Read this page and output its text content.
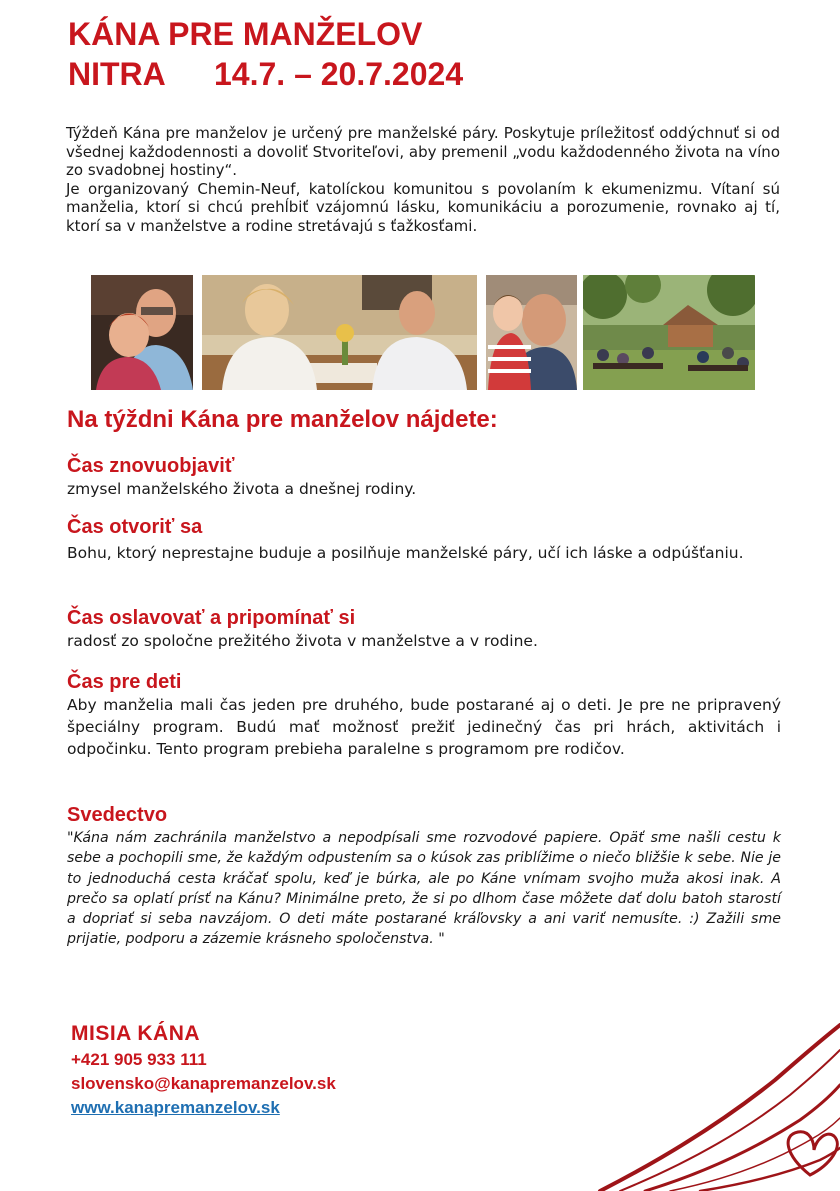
KÁNA PRE MANŽELOV
NITRA	14.7. – 20.7.2024

Týždeň Kána pre manželov je určený pre manželské páry. Poskytuje príležitosť oddýchnuť si od všednej každodennosti a dovoliť Stvoriteľovi, aby premenil „vodu každodenného života na víno zo svadobnej hostiny“.

Je organizovaný Chemin-Neuf, katolíckou komunitou s povolaním k ekumenizmu. Vítaní sú manželia, ktorí si chcú prehĺbiť vzájomnú lásku, komunikáciu a porozumenie, rovnako aj tí, ktorí sa v manželstve a rodine stretávajú s ťažkosťami.

Na týždni Kána pre manželov nájdete:
Čas znovuobjaviť
zmysel manželského života a dnešnej rodiny.
Čas otvoriť sa
Bohu, ktorý neprestajne buduje a posilňuje manželské páry, učí ich láske a odpúšťaniu.
Čas oslavovať a pripomínať si
radosť zo spoločne prežitého života v manželstve a v rodine.
Čas pre deti
Aby manželia mali čas jeden pre druhého, bude postarané aj o deti. Je pre ne pripravený špeciálny program. Budú mať možnosť prežiť jedinečný čas pri hrách, aktivitách i odpočinku. Tento program prebieha paralelne s programom pre rodičov.
Svedectvo
"Kána nám zachránila manželstvo a nepodpísali sme rozvodové papiere. Opäť sme našli cestu k sebe a pochopili sme, že každým odpustením sa o kúsok zas priblížime o niečo bližšie k sebe. Nie je to jednoduchá cesta kráčať spolu, keď je búrka, ale po Káne vnímam svojho muža akosi inak. A prečo sa oplatí prísť na Kánu? Minimálne preto, že si po dlhom čase môžete dať dolu batoh starostí a dopriať si seba navzájom. O deti máte postarané kráľovsky a ani variť nemusíte. :) Zažili sme prijatie, podporu a zázemie krásneho spoločenstva. "
MISIA KÁNA
+421 905 933 111
slovensko@kanapremanzelov.sk
www.kanapremanzelov.sk
